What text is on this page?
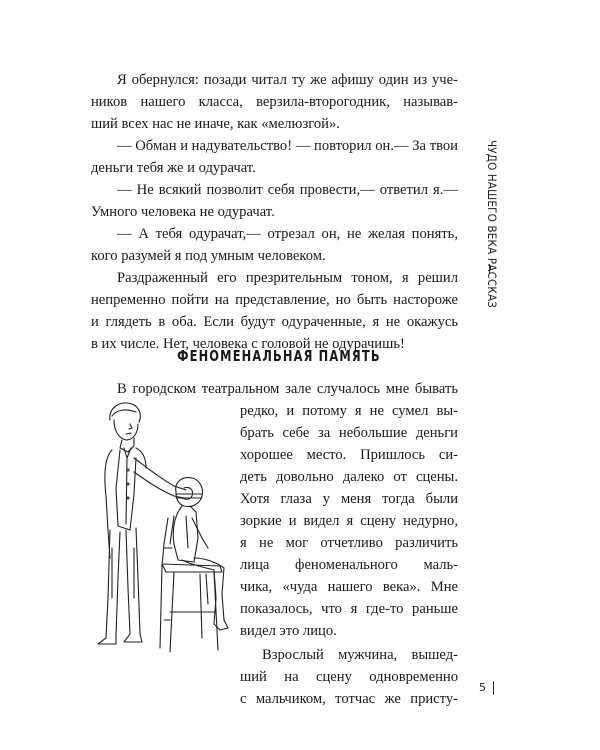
Я обернулся: позади читал ту же афишу один из уче-
ников нашего класса, верзила-второгодник, называв-
ший всех нас не иначе, как «мелюзгой».
— Обман и надувательство! — повторил он.— За твои
деньги тебя же и одурачат.
— Не всякий позволит себя провести,— ответил я.—
Умного человека не одурачат.
— А тебя одурачат,— отрезал он, не желая понять,
кого разумей я под умным человеком.
Раздраженный его презрительным тоном, я решил
непременно пойти на представление, но быть настороже
и глядеть в оба. Если будут одураченные, я не окажусь
в их числе. Нет, человека с головой не одурачишь!
ФЕНОМЕНАЛЬНАЯ ПАМЯТЬ
В городском театральном зале случалось мне бывать
редко, и потому я не сумел вы-
брать себе за небольшие деньги
хорошее место. Пришлось си-
деть довольно далеко от сцены.
Хотя глаза у меня тогда были
зоркие и видел я сцену недурно,
я не мог отчетливо различить
лица феноменального маль-
чика, «чуда нашего века». Мне
показалось, что я где-то раньше
видел это лицо.
Взрослый мужчина, вышед-
ший на сцену одновременно
с мальчиком, тотчас же присту-
ЧУДО НАШЕГО ВЕКА РАССКАЗ
5
